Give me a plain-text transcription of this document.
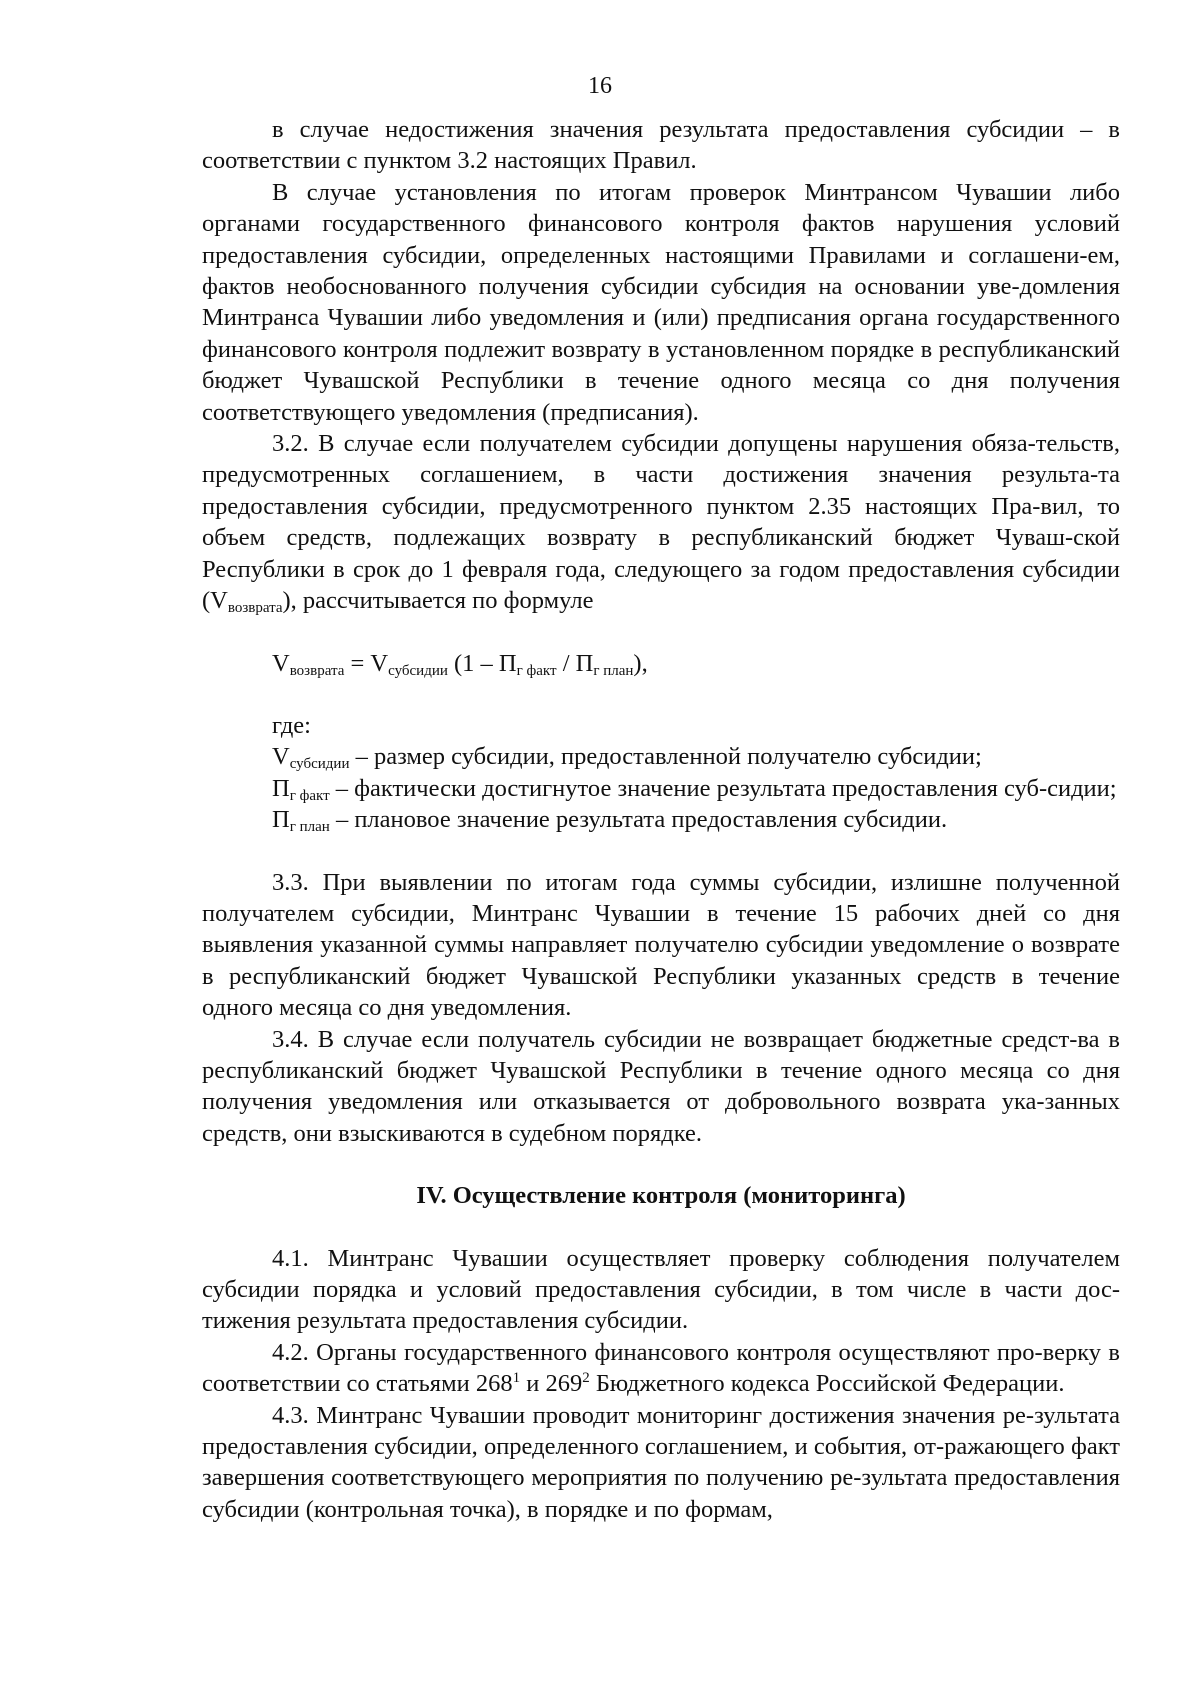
16

в случае недостижения значения результата предоставления субсидии – в соответствии с пунктом 3.2 настоящих Правил.

В случае установления по итогам проверок Минтрансом Чувашии либо органами государственного финансового контроля фактов нарушения условий предоставления субсидии, определенных настоящими Правилами и соглашени-ем, фактов необоснованного получения субсидии субсидия на основании уве-домления Минтранса Чувашии либо уведомления и (или) предписания органа государственного финансового контроля подлежит возврату в установленном порядке в республиканский бюджет Чувашской Республики в течение одного месяца со дня получения соответствующего уведомления (предписания).

3.2. В случае если получателем субсидии допущены нарушения обяза-тельств, предусмотренных соглашением, в части достижения значения результа-та предоставления субсидии, предусмотренного пунктом 2.35 настоящих Пра-вил, то объем средств, подлежащих возврату в республиканский бюджет Чуваш-ской Республики в срок до 1 февраля года, следующего за годом предоставления субсидии $(V_{возврата})$, рассчитывается по формуле

$V_{возврата} = V_{субсидии}$ $(1 - П_{г факт} / П_{г план})$,

где:

$V_{субсидии}$ – размер субсидии, предоставленной получателю субсидии;

$П_{г факт}$ – фактически достигнутое значение результата предоставления суб-сидии;

$П_{г план}$ – плановое значение результата предоставления субсидии.

3.3. При выявлении по итогам года суммы субсидии, излишне полученной получателем субсидии, Минтранс Чувашии в течение 15 рабочих дней со дня выявления указанной суммы направляет получателю субсидии уведомление о возврате в республиканский бюджет Чувашской Республики указанных средств в течение одного месяца со дня уведомления.

3.4. В случае если получатель субсидии не возвращает бюджетные средст-ва в республиканский бюджет Чувашской Республики в течение одного месяца со дня получения уведомления или отказывается от добровольного возврата ука-занных средств, они взыскиваются в судебном порядке.

IV. Осуществление контроля (мониторинга)

4.1. Минтранс Чувашии осуществляет проверку соблюдения получателем субсидии порядка и условий предоставления субсидии, в том числе в части дос-тижения результата предоставления субсидии.

4.2. Органы государственного финансового контроля осуществляют про-верку в соответствии со статьями $268^1$ и $269^2$ Бюджетного кодекса Российской Федерации.

4.3. Минтранс Чувашии проводит мониторинг достижения значения ре-зультата предоставления субсидии, определенного соглашением, и события, от-ражающего факт завершения соответствующего мероприятия по получению ре-зультата предоставления субсидии (контрольная точка), в порядке и по формам,
